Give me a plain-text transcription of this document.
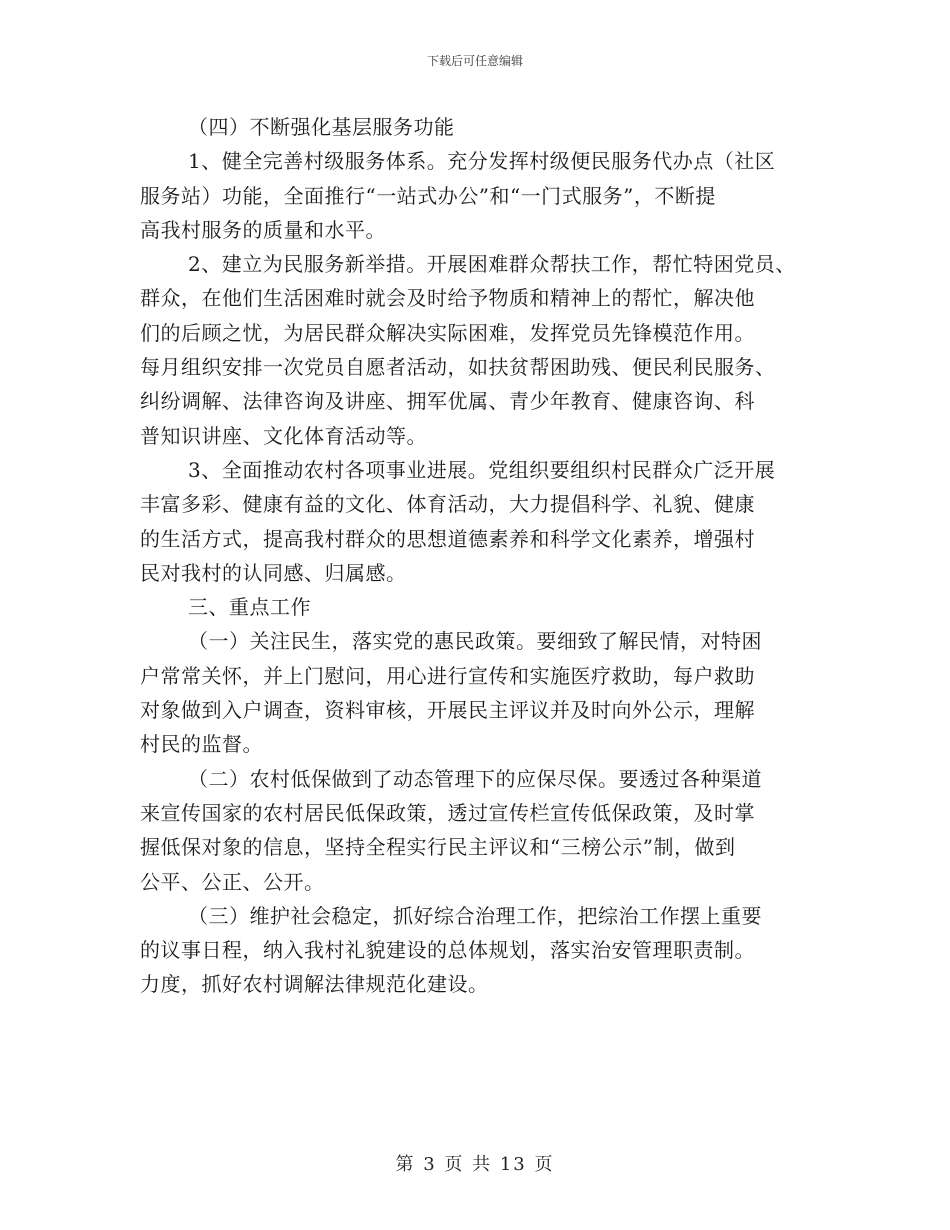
下载后可任意编辑

（四）不断强化基层服务功能

1、健全完善村级服务体系。充分发挥村级便民服务代办点（社区
服务站）功能，全面推行“一站式办公”和“一门式服务”，不断提
高我村服务的质量和水平。

2、建立为民服务新举措。开展困难群众帮扶工作，帮忙特困党员、
群众，在他们生活困难时就会及时给予物质和精神上的帮忙，解决他
们的后顾之忧，为居民群众解决实际困难，发挥党员先锋模范作用。
每月组织安排一次党员自愿者活动，如扶贫帮困助残、便民利民服务、
纠纷调解、法律咨询及讲座、拥军优属、青少年教育、健康咨询、科
普知识讲座、文化体育活动等。

3、全面推动农村各项事业进展。党组织要组织村民群众广泛开展
丰富多彩、健康有益的文化、体育活动，大力提倡科学、礼貌、健康
的生活方式，提高我村群众的思想道德素养和科学文化素养，增强村
民对我村的认同感、归属感。

三、重点工作

（一）关注民生，落实党的惠民政策。要细致了解民情，对特困
户常常关怀，并上门慰问，用心进行宣传和实施医疗救助，每户救助
对象做到入户调查，资料审核，开展民主评议并及时向外公示，理解
村民的监督。

（二）农村低保做到了动态管理下的应保尽保。要透过各种渠道
来宣传国家的农村居民低保政策，透过宣传栏宣传低保政策，及时掌
握低保对象的信息，坚持全程实行民主评议和“三榜公示”制，做到
公平、公正、公开。

（三）维护社会稳定，抓好综合治理工作，把综治工作摆上重要
的议事日程，纳入我村礼貌建设的总体规划，落实治安管理职责制。
力度，抓好农村调解法律规范化建设。

第 3 页 共 13 页
